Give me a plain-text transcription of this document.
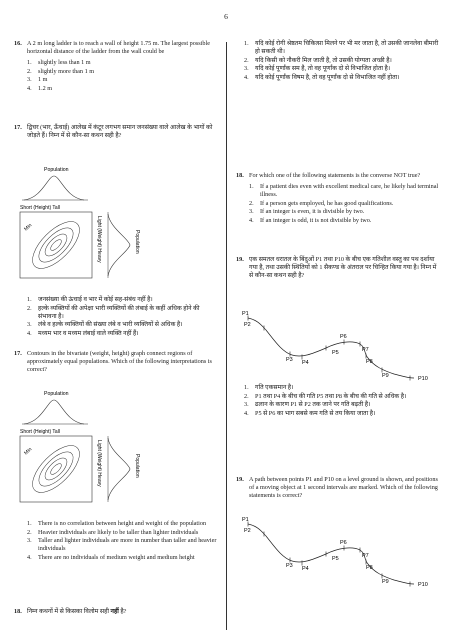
6
16. A 2 m long ladder is to reach a wall of height 1.75 m. The largest possible horizontal distance of the ladder from the wall could be
1.	slightly less than 1 m
2.	slightly more than 1 m
3.	1 m
4.	1.2 m
17. द्विचर (भार, ऊँचाई) आलेख में कंटूर लगभग समान जनसंख्या वाले आलेख के भागों को जोड़ते हैं। निम्न में से कौन-सा कथन सही है?
Population
Short (Height) Tall
Min	Light (Weight) Heavy	Population
1.	जनसंख्या की ऊंचाई व भार में कोई सह-संबंध नहीं है।
2.	हल्के व्यक्तियों की अपेक्षा भारी व्यक्तियों की लंबाई के कहीं अधिक होने की संभावना है।
3.	लंबे व हल्के व्यक्तियों की संख्या लंबे व भारी व्यक्तियों से अधिक है।
4.	मध्यम भार व मध्यम लंबाई वाले व्यक्ति नहीं हैं।
17. Contours in the bivariate (weight, height) graph connect regions of approximately equal populations. Which of the following interpretations is correct?
Population
Short (Height) Tall
Min	Light (Weight) Heavy	Population
1.	There is no correlation between height and weight of the population
2.	Heavier individuals are likely to be taller than lighter individuals
3.	Taller and lighter individuals are more in number than taller and heavier individuals
4.	There are no individuals of medium weight and medium height
18. निम्न कथनों में से किसका विलोम सही नहीं है?
1.	यदि कोई रोगी श्रेष्ठतम चिकित्सा मिलने पर भी मर जाता है, तो उसकी जानलेवा बीमारी हो सकती थी।
2.	यदि किसी को नौकरी मिल जाती है, तो उसकी योग्यता अच्छी है।
3.	यदि कोई पूर्णांक सम है, तो वह पूर्णांक दो से विभाजित होता है।
4.	यदि कोई पूर्णांक विषम है, तो वह पूर्णांक दो से विभाजित नहीं होता।
18. For which one of the following statements is the converse NOT true?
1.	If a patient dies even with excellent medical care, he likely had terminal illness.
2.	If a person gets employed, he has good qualifications.
3.	If an integer is even, it is divisible by two.
4.	If an integer is odd, it is not divisible by two.
19. एक समतल धरातल के बिंदुओं P1 तथा P10 के बीच एक गतिशील वस्तु का पथ दर्शाया गया है, तथा उसकी स्थितियों को 1 सैकण्ड के अंतराल पर चिन्हित किया गया है। निम्न में से कौन-सा कथन सही है?
P1
P2
P3 P4
P5
P6
P7
P8
P9	P10
1.	गति एकसमान है।
2.	P1 तथा P4 के बीच की गति P5 तथा P8 के बीच की गति से अधिक है।
3.	ढलान के कारण P1 से P2 तक जाने पर गति बढ़ती है।
4.	P5 से P6 का भाग सबसे कम गति से तय किया जाता है।
19. A path between points P1 and P10 on a level ground is shown, and positions of a moving object at 1 second intervals are marked. Which of the following statements is correct?
P1
P2
P3 P4
P5
P6
P7
P8
P9	P10
